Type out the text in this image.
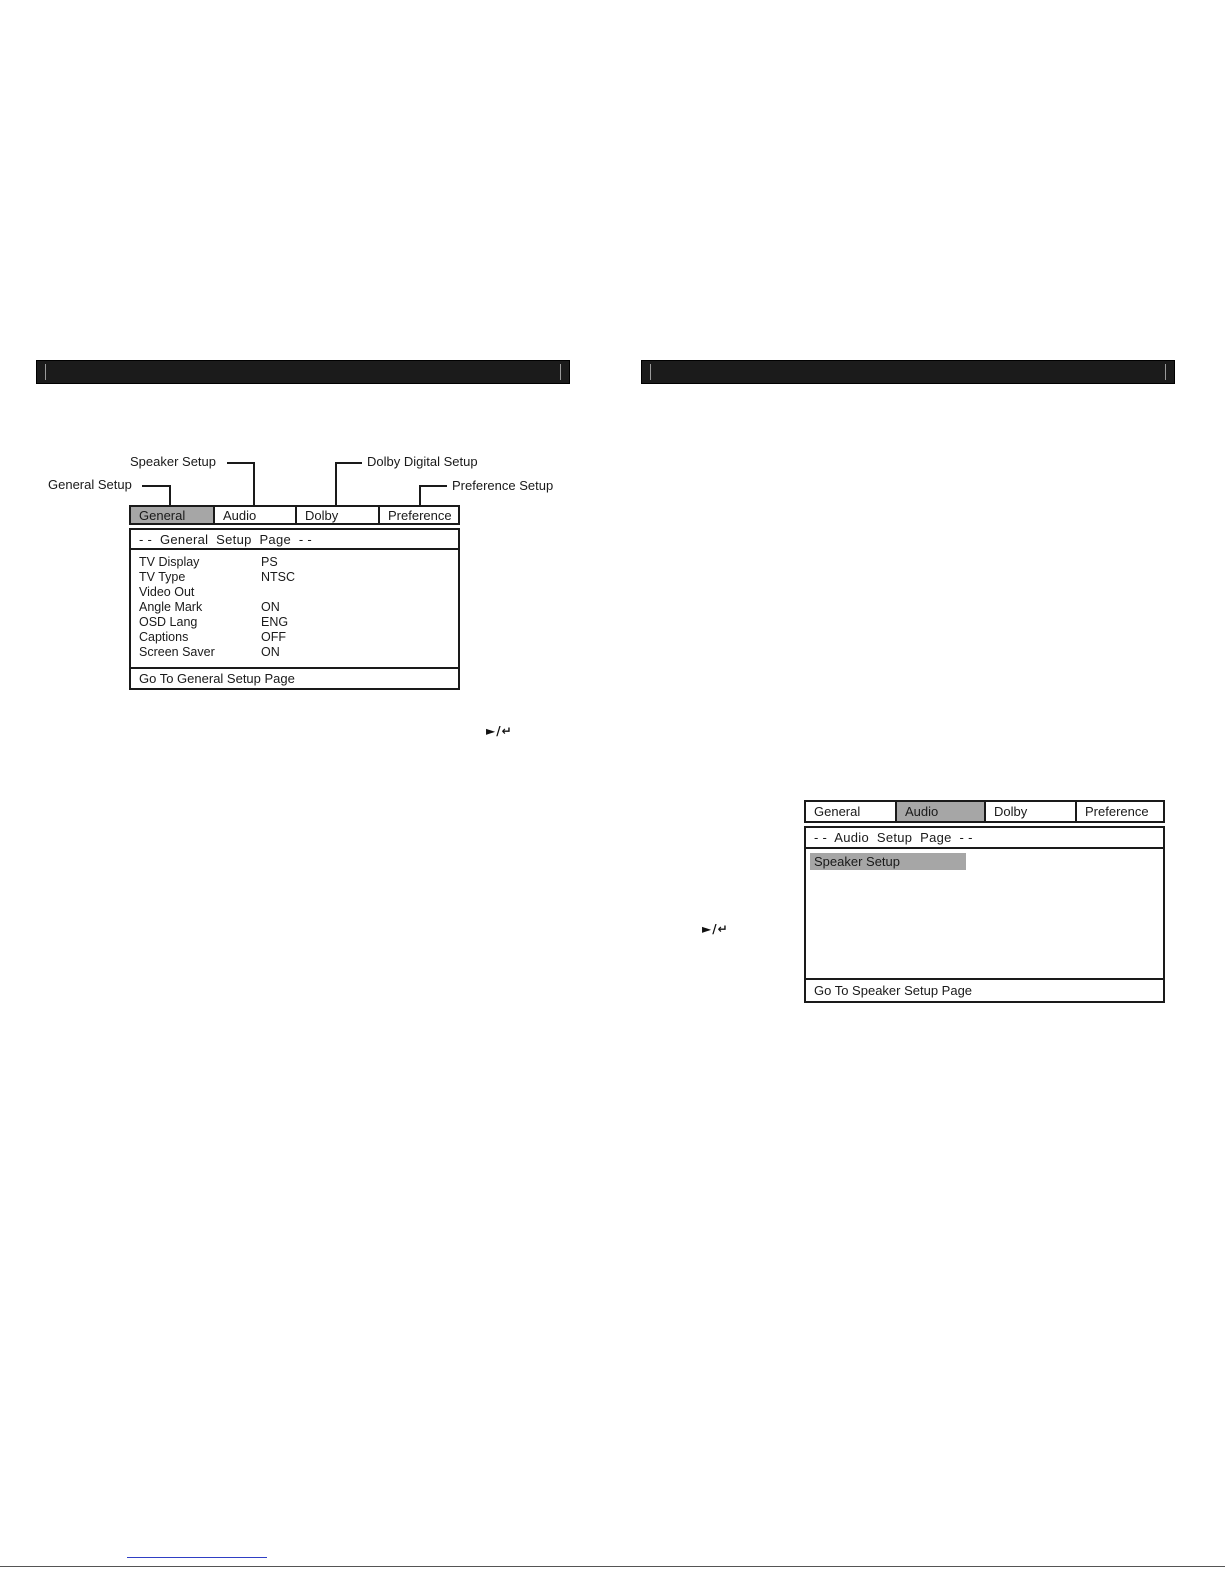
Speaker Setup
General Setup
Dolby Digital Setup
Preference Setup
General	Audio	Dolby	Preference
- -  General  Setup  Page  - -
TV Display	PS
TV Type	NTSC
Video Out
Angle Mark	ON
OSD Lang	ENG
Captions	OFF
Screen Saver	ON
Go To General Setup Page
►/↵
General	Audio	Dolby	Preference
- -  Audio  Setup  Page  - -
Speaker Setup
Go To Speaker Setup Page
►/↵
